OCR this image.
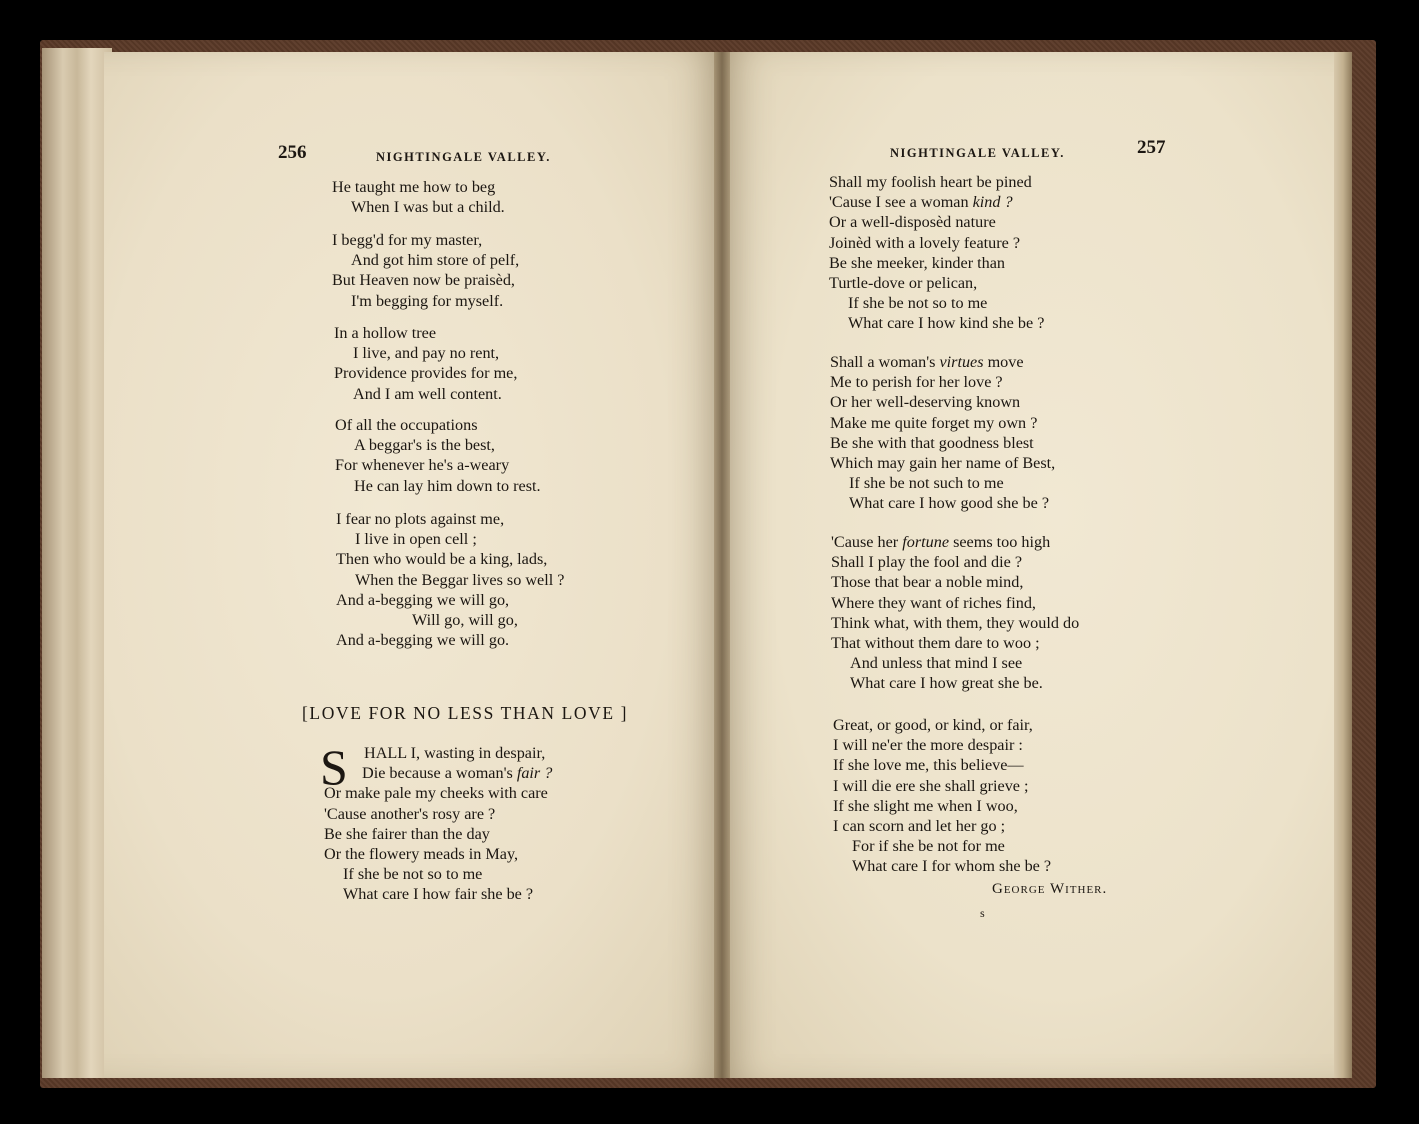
256	NIGHTINGALE VALLEY.
He taught me how to beg
When I was but a child.
I begg'd for my master,
And got him store of pelf,
But Heaven now be praisèd,
I'm begging for myself.
In a hollow tree
I live, and pay no rent,
Providence provides for me,
And I am well content.
Of all the occupations
A beggar's is the best,
For whenever he's a-weary
He can lay him down to rest.
I fear no plots against me,
I live in open cell ;
Then who would be a king, lads,
When the Beggar lives so well ?
And a-begging we will go,
Will go, will go,
And a-begging we will go.
[LOVE FOR NO LESS THAN LOVE ]
S HALL I, wasting in despair,
Die because a woman's fair ?
Or make pale my cheeks with care
'Cause another's rosy are ?
Be she fairer than the day
Or the flowery meads in May,
If she be not so to me
What care I how fair she be ?
NIGHTINGALE VALLEY.	257
Shall my foolish heart be pined
'Cause I see a woman kind ?
Or a well-disposèd nature
Joinèd with a lovely feature ?
Be she meeker, kinder than
Turtle-dove or pelican,
If she be not so to me
What care I how kind she be ?
Shall a woman's virtues move
Me to perish for her love ?
Or her well-deserving known
Make me quite forget my own ?
Be she with that goodness blest
Which may gain her name of Best,
If she be not such to me
What care I how good she be ?
'Cause her fortune seems too high
Shall I play the fool and die ?
Those that bear a noble mind,
Where they want of riches find,
Think what, with them, they would do
That without them dare to woo ;
And unless that mind I see
What care I how great she be.
Great, or good, or kind, or fair,
I will ne'er the more despair :
If she love me, this believe—
I will die ere she shall grieve ;
If she slight me when I woo,
I can scorn and let her go ;
For if she be not for me
What care I for whom she be ?
George Wither.
s
